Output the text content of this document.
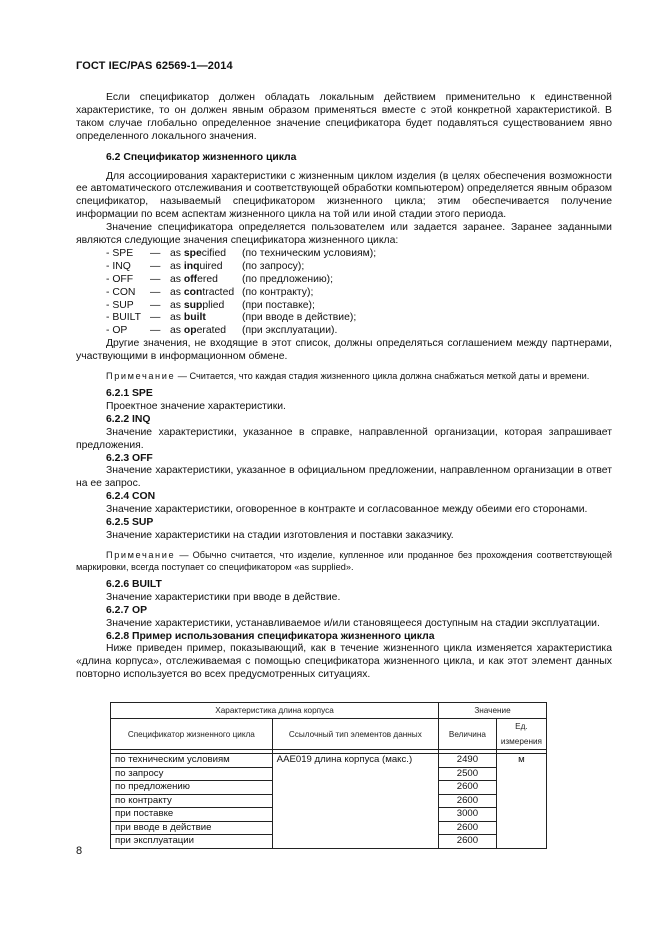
ГОСТ IEC/PAS 62569-1—2014

Если спецификатор должен обладать локальным действием применительно к единственной характеристике, то он должен явным образом применяться вместе с этой конкретной характеристикой. В таком случае глобально определенное значение спецификатора будет подавляться существованием явно определенного локального значения.

6.2 Спецификатор жизненного цикла

Для ассоциирования характеристики с жизненным циклом изделия (в целях обеспечения возможности ее автоматического отслеживания и соответствующей обработки компьютером) определяется явным образом спецификатор, называемый спецификатором жизненного цикла; этим обеспечивается получение информации по всем аспектам жизненного цикла на той или иной стадии этого периода.

Значение спецификатора определяется пользователем или задается заранее. Заранее заданными являются следующие значения спецификатора жизненного цикла:

- SPE	— as specified	(по техническим условиям);
- INQ	— as inquired	(по запросу);
- OFF	— as offered	(по предложению);
- CON	— as contracted (по контракту);
- SUP	— as supplied	(при поставке);
- BUILT — as built	(при вводе в действие);
- OP	— as operated	(при эксплуатации).

Другие значения, не входящие в этот список, должны определяться соглашением между партнерами, участвующими в информационном обмене.

Примечание — Считается, что каждая стадия жизненного цикла должна снабжаться меткой даты и времени.

6.2.1 SPE

Проектное значение характеристики.

6.2.2 INQ

Значение характеристики, указанное в справке, направленной организации, которая запрашивает предложения.

6.2.3 OFF

Значение характеристики, указанное в официальном предложении, направленном организации в ответ на ее запрос.

6.2.4 CON

Значение характеристики, оговоренное в контракте и согласованное между обеими его сторонами.

6.2.5 SUP

Значение характеристики на стадии изготовления и поставки заказчику.

Примечание — Обычно считается, что изделие, купленное или проданное без прохождения соответствующей маркировки, всегда поступает со спецификатором «as supplied».

6.2.6 BUILT

Значение характеристики при вводе в действие.

6.2.7 OP

Значение характеристики, устанавливаемое и/или становящееся доступным на стадии эксплуатации.

6.2.8 Пример использования спецификатора жизненного цикла

Ниже приведен пример, показывающий, как в течение жизненного цикла изменяется характеристика «длина корпуса», отслеживаемая с помощью спецификатора жизненного цикла, и как этот элемент данных повторно используется во всех предусмотренных ситуациях.

Характеристика длина корпуса		Значение	
Спецификатор жизненного цикла	Ссылочный тип элементов данных	Величина	Ед. измерения

по техническим условиям	AAE019 длина корпуса (макс.)	2490	м
по запросу		2500	
по предложению		2600	
по контракту		2600	
при поставке		3000	
при вводе в действие		2600	
при эксплуатации		2600	
8
